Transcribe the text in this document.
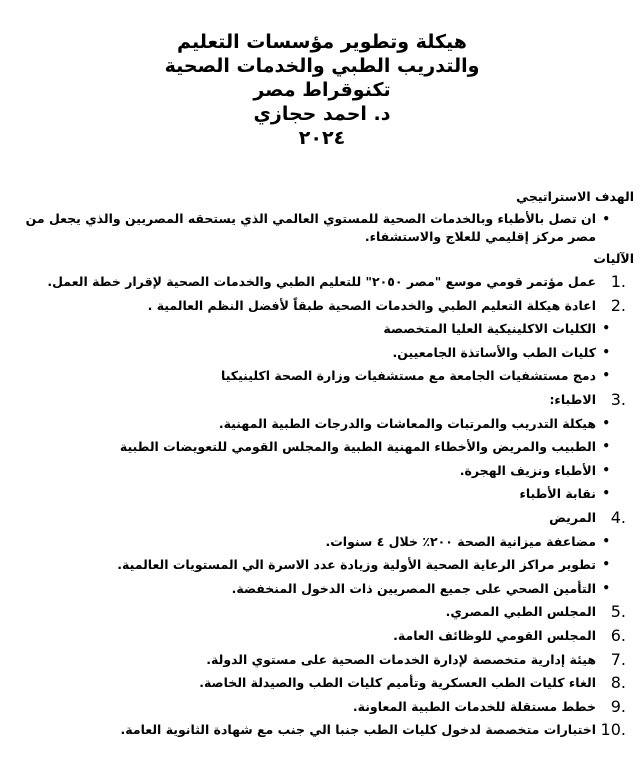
هيكلة وتطوير مؤسسات التعليم

والتدريب الطبي والخدمات الصحية

تكنوقراط مصر

د. احمد حجازي

٢٠٢٤

الهدف الاستراتيجي

•
ان تصل بالأطباء وبالخدمات الصحية للمستوي العالمي الذي يستحقه المصريين والذي يجعل من مصر مركز إقليمي للعلاج والاستشفاء.

الآليات

1.
عمل مؤتمر قومي موسع "مصر ٢٠٥٠" للتعليم الطبي والخدمات الصحية لإقرار خطة العمل.

2.
اعادة هيكلة التعليم الطبي والخدمات الصحية طبقاً لأفضل النظم العالمية .

•
الكليات الاكلينيكية العليا المتخصصة

•
كليات الطب والأساتذة الجامعيين.

•
دمج مستشفيات الجامعة مع مستشفيات وزارة الصحة اكلينيكيا

3.
الاطباء:

•
هيكلة التدريب والمرتبات والمعاشات والدرجات الطبية المهنية.

•
الطبيب والمريض والأخطاء المهنية الطبية والمجلس القومي للتعويضات الطبية

•
الأطباء ونزيف الهجرة.

•
نقابة الأطباء

4.
المريض

•
مضاعفة ميزانية الصحة ٢٠٠٪ خلال ٤ سنوات.

•
تطوير مراكز الرعاية الصحية الأولية وزيادة عدد الاسرة الي المستويات العالمية.

•
التأمين الصحي على جميع المصريين ذات الدخول المنخفضة.

5.
المجلس الطبي المصري.

6.
المجلس القومي للوظائف العامة.

7.
هيئة إدارية متخصصة لإدارة الخدمات الصحية على مستوي الدولة.

8.
الغاء كليات الطب العسكرية وتأميم كليات الطب والصيدلة الخاصة.

9.
خطط مستقلة للخدمات الطبية المعاونة.

10.
اختبارات متخصصة لدخول كليات الطب جنبا الي جنب مع شهادة الثانوية العامة.
